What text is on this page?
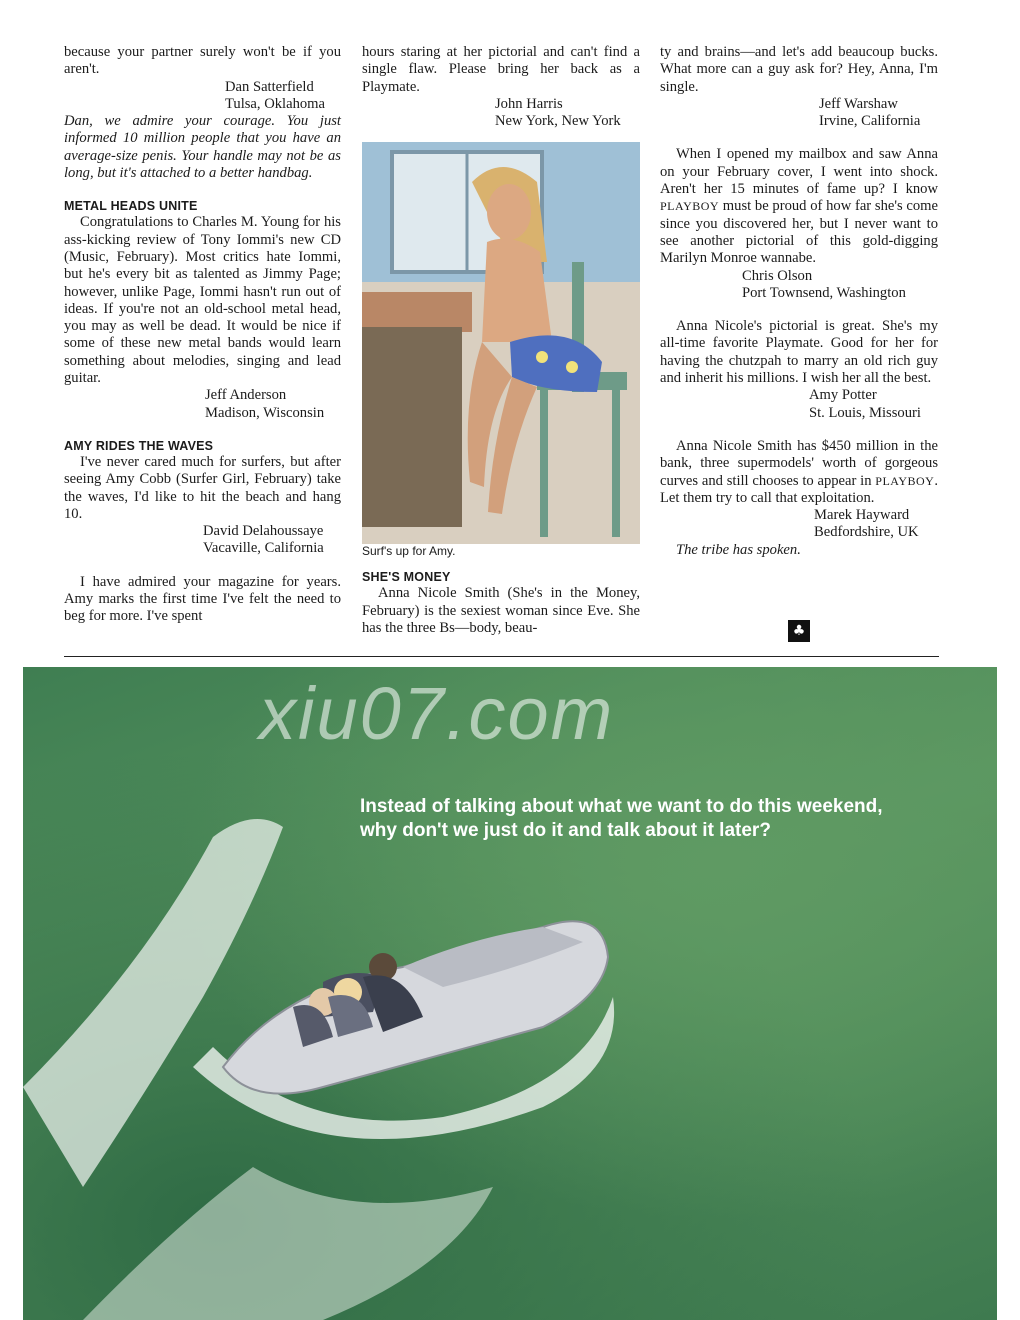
because your partner surely won't be if you aren't.

Dan Satterfield
Tulsa, Oklahoma

Dan, we admire your courage. You just informed 10 million people that you have an average-size penis. Your handle may not be as long, but it's attached to a better handbag.

METAL HEADS UNITE

Congratulations to Charles M. Young for his ass-kicking review of Tony Iommi's new CD (Music, February). Most critics hate Iommi, but he's every bit as talented as Jimmy Page; however, unlike Page, Iommi hasn't run out of ideas. If you're not an old-school metal head, you may as well be dead. It would be nice if some of these new metal bands would learn something about melodies, singing and lead guitar.

Jeff Anderson
Madison, Wisconsin
AMY RIDES THE WAVES

I've never cared much for surfers, but after seeing Amy Cobb (Surfer Girl, February) take the waves, I'd like to hit the beach and hang 10.

David Delahoussaye
Vacaville, California

I have admired your magazine for years. Amy marks the first time I've felt the need to beg for more. I've spent

hours staring at her pictorial and can't find a single flaw. Please bring her back as a Playmate.

John Harris
New York, New York

Surf's up for Amy.

SHE'S MONEY

Anna Nicole Smith (She's in the Money, February) is the sexiest woman since Eve. She has the three Bs—body, beau-

ty and brains—and let's add beaucoup bucks. What more can a guy ask for? Hey, Anna, I'm single.

Jeff Warshaw
Irvine, California

When I opened my mailbox and saw Anna on your February cover, I went into shock. Aren't her 15 minutes of fame up? I know PLAYBOY must be proud of how far she's come since you discovered her, but I never want to see another pictorial of this gold-digging Marilyn Monroe wannabe.

Chris Olson
Port Townsend, Washington

Anna Nicole's pictorial is great. She's my all-time favorite Playmate. Good for her for having the chutzpah to marry an old rich guy and inherit his millions. I wish her all the best.

Amy Potter
St. Louis, Missouri

Anna Nicole Smith has $450 million in the bank, three supermodels' worth of gorgeous curves and still chooses to appear in PLAYBOY. Let them try to call that exploitation.

Marek Hayward
Bedfordshire, UK

The tribe has spoken.

♣
xiu07.com
Instead of talking about what we want to do this weekend,
why don't we just do it and talk about it later?
